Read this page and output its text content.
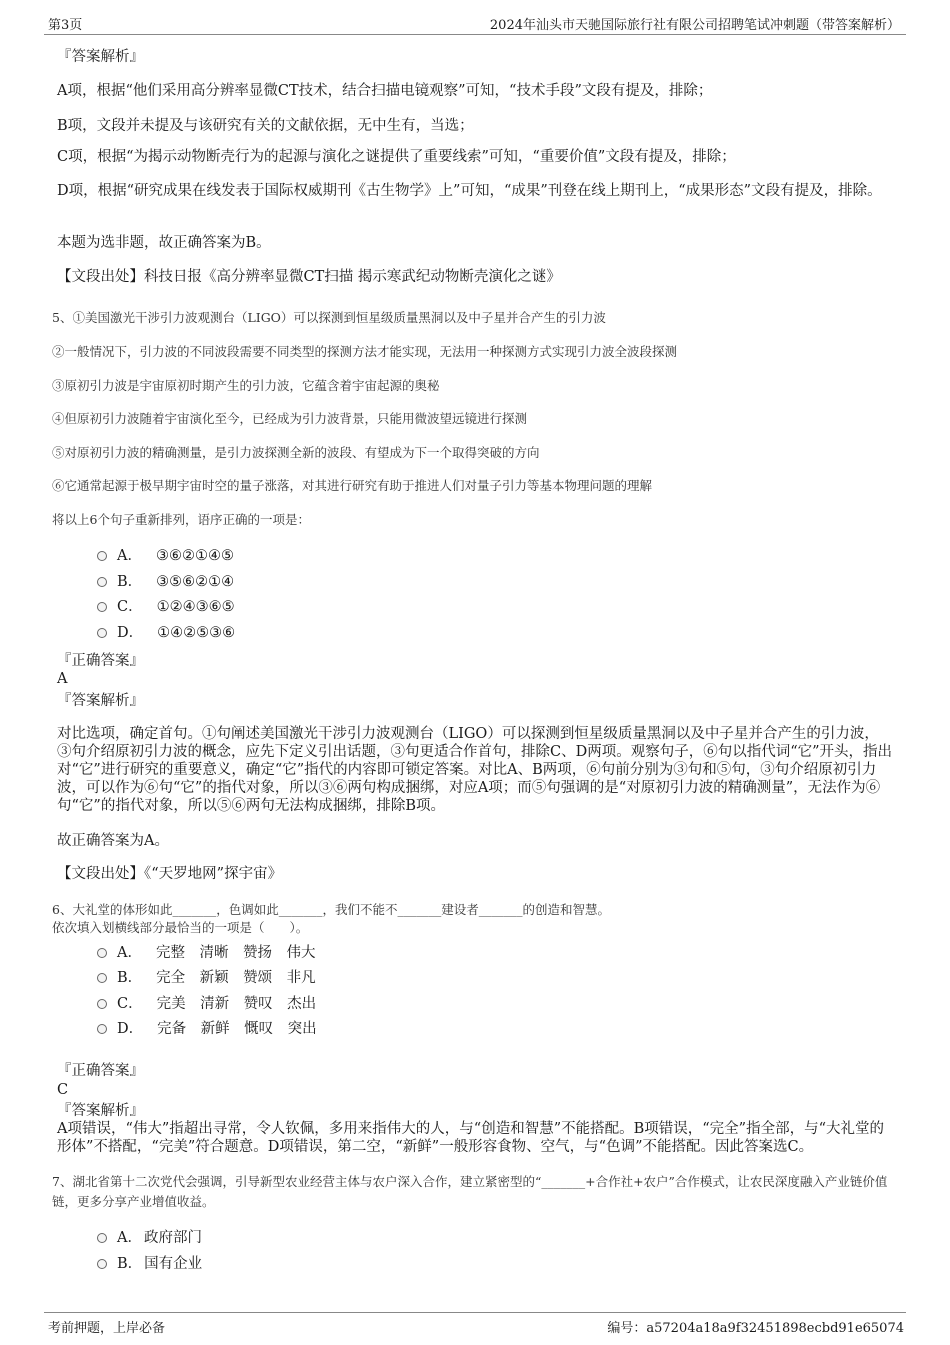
第3页	2024年汕头市天驰国际旅行社有限公司招聘笔试冲刺题（带答案解析）
『答案解析』
A项，根据“他们采用高分辨率显微CT技术，结合扫描电镜观察”可知，“技术手段”文段有提及，排除；
B项，文段并未提及与该研究有关的文献依据，无中生有，当选；
C项，根据“为揭示动物断壳行为的起源与演化之谜提供了重要线索”可知，“重要价值”文段有提及，排除；
D项，根据“研究成果在线发表于国际权威期刊《古生物学》上”可知，“成果”刊登在线上期刊上，“成果形态”文段有提及，排除。
本题为选非题，故正确答案为B。
【文段出处】科技日报《高分辨率显微CT扫描 揭示寒武纪动物断壳演化之谜》
5、①美国激光干涉引力波观测台（LIGO）可以探测到恒星级质量黑洞以及中子星并合产生的引力波
②一般情况下，引力波的不同波段需要不同类型的探测方法才能实现，无法用一种探测方式实现引力波全波段探测
③原初引力波是宇宙原初时期产生的引力波，它蕴含着宇宙起源的奥秘
④但原初引力波随着宇宙演化至今，已经成为引力波背景，只能用微波望远镜进行探测
⑤对原初引力波的精确测量，是引力波探测全新的波段、有望成为下一个取得突破的方向
⑥它通常起源于极早期宇宙时空的量子涨落，对其进行研究有助于推进人们对量子引力等基本物理问题的理解
将以上6个句子重新排列，语序正确的一项是：
A． ③⑥②①④⑤
B． ③⑤⑥②①④
C． ①②④③⑥⑤
D． ①④②⑤③⑥
『正确答案』
A
『答案解析』
对比选项，确定首句。①句阐述美国激光干涉引力波观测台（LIGO）可以探测到恒星级质量黑洞以及中子星并合产生的引力波，③句介绍原初引力波的概念，应先下定义引出话题，③句更适合作首句，排除C、D两项。观察句子，⑥句以指代词“它”开头，指出对“它”进行研究的重要意义，确定“它”指代的内容即可锁定答案。对比A、B两项，⑥句前分别为③句和⑤句，③句介绍原初引力波，可以作为⑥句“它”的指代对象，所以③⑥两句构成捆绑，对应A项；而⑤句强调的是“对原初引力波的精确测量”，无法作为⑥句“它”的指代对象，所以⑤⑥两句无法构成捆绑，排除B项。
故正确答案为A。
【文段出处】《“天罗地网”探宇宙》
6、大礼堂的体形如此_______，色调如此_______，我们不能不_______建设者_______的创造和智慧。
依次填入划横线部分最恰当的一项是（　　）。
A． 完整　清晰　赞扬　伟大
B． 完全　新颖　赞颂　非凡
C． 完美　清新　赞叹　杰出
D． 完备　新鲜　慨叹　突出
『正确答案』
C
『答案解析』
A项错误，“伟大”指超出寻常，令人钦佩，多用来指伟大的人，与“创造和智慧”不能搭配。B项错误，“完全”指全部，与“大礼堂的形体”不搭配，“完美”符合题意。D项错误，第二空，“新鲜”一般形容食物、空气，与“色调”不能搭配。因此答案选C。
7、湖北省第十二次党代会强调，引导新型农业经营主体与农户深入合作，建立紧密型的“_______+合作社+农户”合作模式，让农民深度融入产业链价值链，更多分享产业增值收益。
A． 政府部门
B． 国有企业
考前押题，上岸必备	编号：a57204a18a9f32451898ecbd91e65074
